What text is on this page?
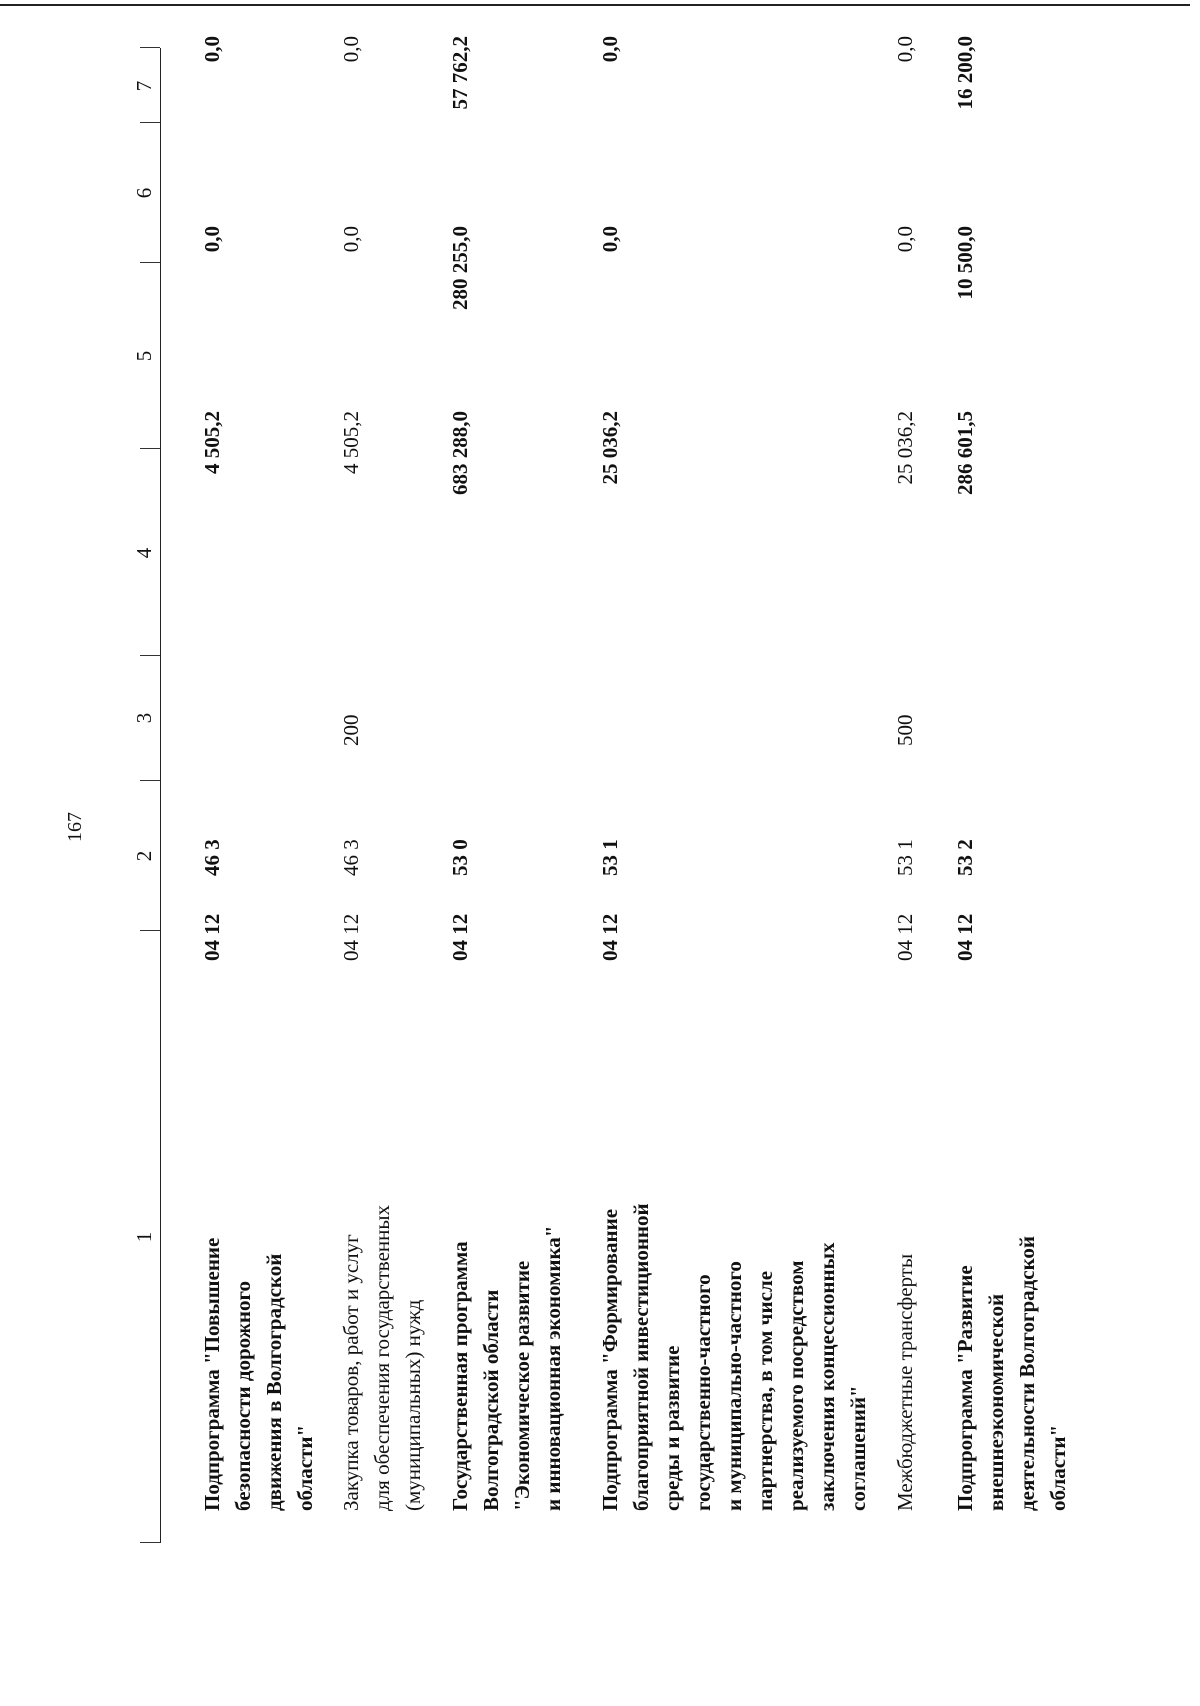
167
1
2
3
4
5
6
7
Подпрограмма "Повышение
безопасности дорожного
движения в Волгоградской
области"
04 12
46 3
4 505,2
0,0
0,0
Закупка товаров, работ и услуг
для обеспечения государственных
(муниципальных) нужд
04 12
46 3
200
4 505,2
0,0
0,0
Государственная программа
Волгоградской области
"Экономическое развитие
и инновационная экономика"
04 12
53 0
683 288,0
280 255,0
57 762,2
Подпрограмма "Формирование
благоприятной инвестиционной
среды и развитие
государственно-частного
и муниципально-частного
партнерства, в том числе
реализуемого посредством
заключения концессионных
соглашений"
04 12
53 1
25 036,2
0,0
0,0
Межбюджетные трансферты
04 12
53 1
500
25 036,2
0,0
0,0
Подпрограмма "Развитие
внешнеэкономической
деятельности Волгоградской
области"
04 12
53 2
286 601,5
10 500,0
16 200,0
